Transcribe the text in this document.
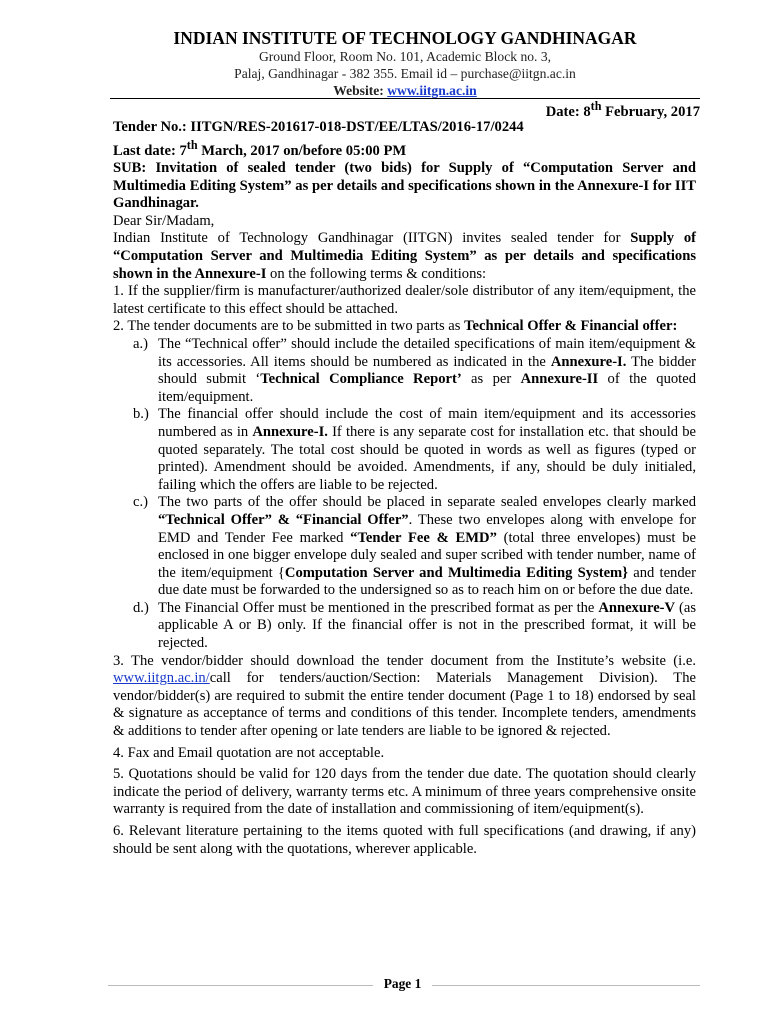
INDIAN INSTITUTE OF TECHNOLOGY GANDHINAGAR
Ground Floor, Room No. 101, Academic Block no. 3,
Palaj, Gandhinagar - 382 355. Email id – purchase@iitgn.ac.in
Website: www.iitgn.ac.in
Date: 8th February, 2017

Tender No.: IITGN/RES-201617-018-DST/EE/LTAS/2016-17/0244

Last date: 7th March, 2017 on/before 05:00 PM

SUB: Invitation of sealed tender (two bids) for Supply of “Computation Server and Multimedia Editing System” as per details and specifications shown in the Annexure-I for IIT Gandhinagar.

Dear Sir/Madam,

Indian Institute of Technology Gandhinagar (IITGN) invites sealed tender for Supply of “Computation Server and Multimedia Editing System” as per details and specifications shown in the Annexure-I on the following terms & conditions:

1. If the supplier/firm is manufacturer/authorized dealer/sole distributor of any item/equipment, the latest certificate to this effect should be attached.

2. The tender documents are to be submitted in two parts as Technical Offer & Financial offer:

a.) The “Technical offer” should include the detailed specifications of main item/equipment & its accessories. All items should be numbered as indicated in the Annexure-I. The bidder should submit ‘Technical Compliance Report’ as per Annexure-II of the quoted item/equipment.
b.) The financial offer should include the cost of main item/equipment and its accessories numbered as in Annexure-I. If there is any separate cost for installation etc. that should be quoted separately. The total cost should be quoted in words as well as figures (typed or printed). Amendment should be avoided. Amendments, if any, should be duly initialed, failing which the offers are liable to be rejected.
c.) The two parts of the offer should be placed in separate sealed envelopes clearly marked “Technical Offer” & “Financial Offer”. These two envelopes along with envelope for EMD and Tender Fee marked “Tender Fee & EMD” (total three envelopes) must be enclosed in one bigger envelope duly sealed and super scribed with tender number, name of the item/equipment {Computation Server and Multimedia Editing System} and tender due date must be forwarded to the undersigned so as to reach him on or before the due date.
d.) The Financial Offer must be mentioned in the prescribed format as per the Annexure-V (as applicable A or B) only. If the financial offer is not in the prescribed format, it will be rejected.

3. The vendor/bidder should download the tender document from the Institute’s website (i.e. www.iitgn.ac.in/call for tenders/auction/Section: Materials Management Division). The vendor/bidder(s) are required to submit the entire tender document (Page 1 to 18) endorsed by seal & signature as acceptance of terms and conditions of this tender. Incomplete tenders, amendments & additions to tender after opening or late tenders are liable to be ignored & rejected.

4. Fax and Email quotation are not acceptable.

5. Quotations should be valid for 120 days from the tender due date. The quotation should clearly indicate the period of delivery, warranty terms etc. A minimum of three years comprehensive onsite warranty is required from the date of installation and commissioning of item/equipment(s).

6. Relevant literature pertaining to the items quoted with full specifications (and drawing, if any) should be sent along with the quotations, wherever applicable.

Page 1
